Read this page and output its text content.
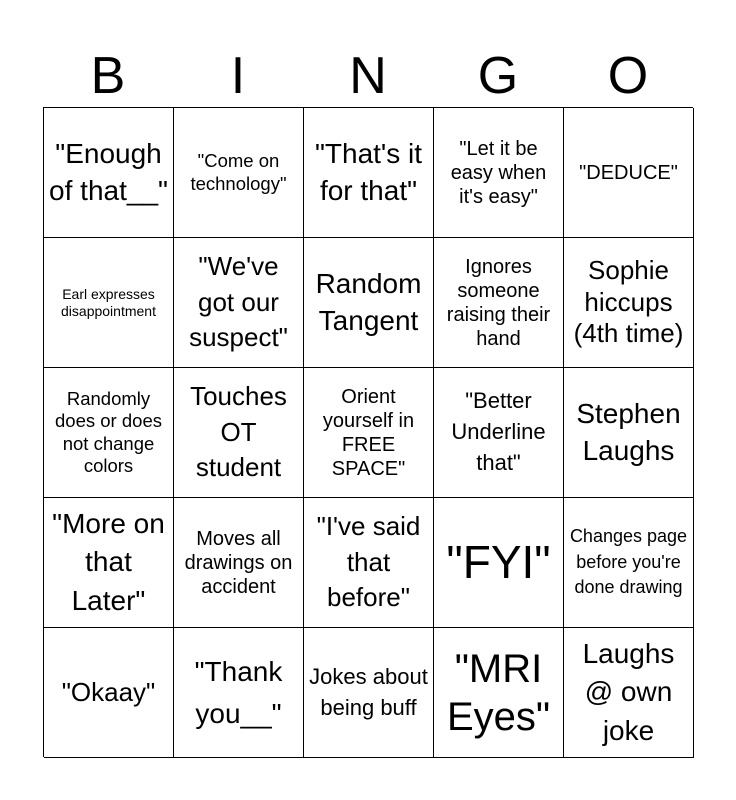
B	I	N	G	O
"Enough of that__"
"Come on technology"
"That's it for that"
"Let it be easy when it's easy"
"DEDUCE"
Earl expresses disappointment
"We've got our suspect"
Random Tangent
Ignores someone raising their hand
Sophie hiccups (4th time)
Randomly does or does not change colors
Touches OT student
Orient yourself in FREE SPACE"
"Better Underline that"
Stephen Laughs
"More on that Later"
Moves all drawings on accident
"I've said that before"
"FYI"
Changes page before you're done drawing
"Okaay"
"Thank you__"
Jokes about being buff
"MRI Eyes"
Laughs @ own joke
